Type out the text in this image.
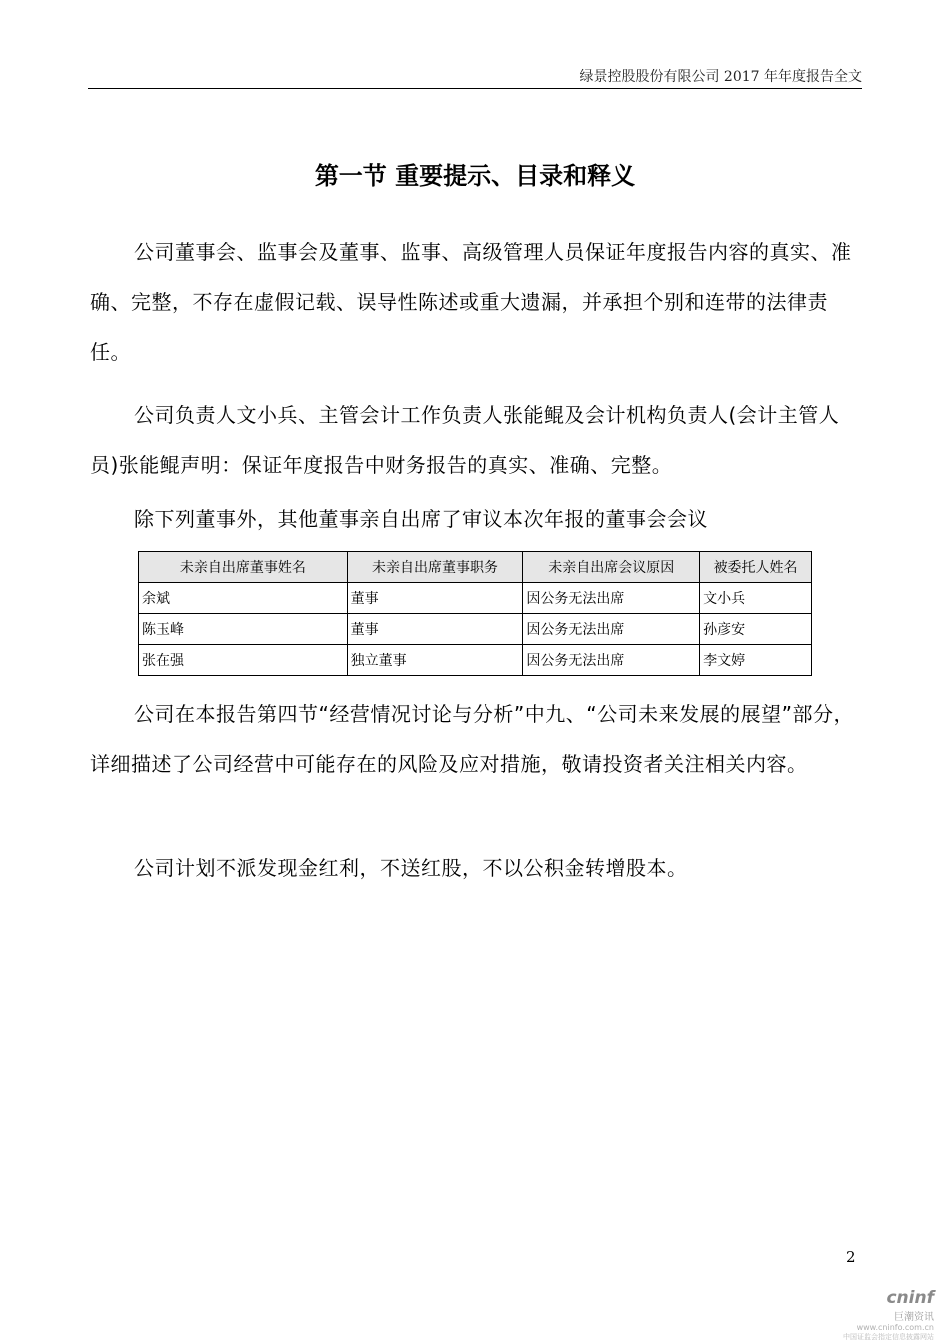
绿景控股股份有限公司 2017 年年度报告全文
第一节 重要提示、目录和释义
公司董事会、监事会及董事、监事、高级管理人员保证年度报告内容的真实、准确、完整，不存在虚假记载、误导性陈述或重大遗漏，并承担个别和连带的法律责任。
公司负责人文小兵、主管会计工作负责人张能鲲及会计机构负责人(会计主管人员)张能鲲声明：保证年度报告中财务报告的真实、准确、完整。
除下列董事外，其他董事亲自出席了审议本次年报的董事会会议
未亲自出席董事姓名	未亲自出席董事职务	未亲自出席会议原因	被委托人姓名
余斌	董事	因公务无法出席	文小兵
陈玉峰	董事	因公务无法出席	孙彦安
张在强	独立董事	因公务无法出席	李文婷
公司在本报告第四节“经营情况讨论与分析”中九、“公司未来发展的展望”部分，详细描述了公司经营中可能存在的风险及应对措施，敬请投资者关注相关内容。
公司计划不派发现金红利，不送红股，不以公积金转增股本。
2
cninf
巨潮资讯
www.cninfo.com.cn
中国证监会指定信息披露网站
